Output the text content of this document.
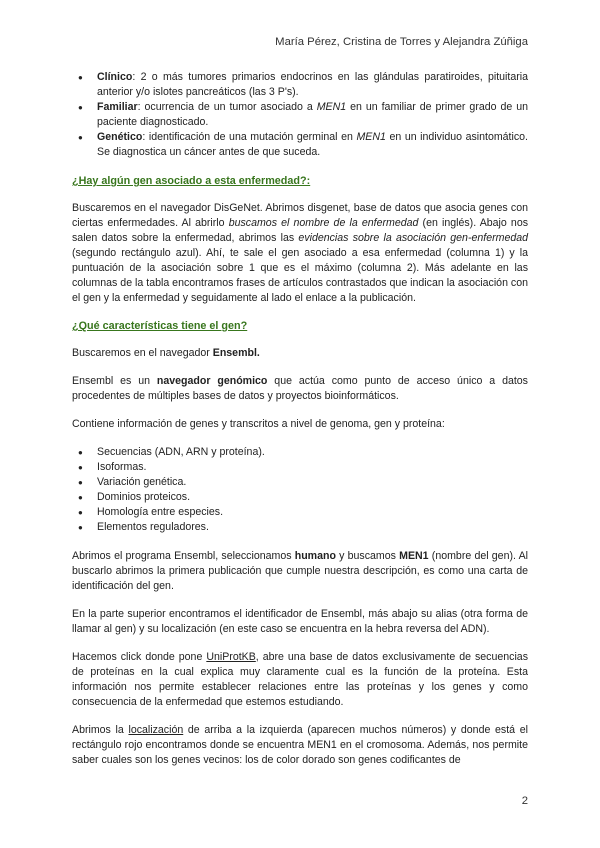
María Pérez, Cristina de Torres y Alejandra Zúñiga
● Clínico: 2 o más tumores primarios endocrinos en las glándulas paratiroides, pituitaria anterior y/o islotes pancreáticos (las 3 P's).
● Familiar: ocurrencia de un tumor asociado a MEN1 en un familiar de primer grado de un paciente diagnosticado.
● Genético: identificación de una mutación germinal en MEN1 en un individuo asintomático. Se diagnostica un cáncer antes de que suceda.
¿Hay algún gen asociado a esta enfermedad?:

Buscaremos en el navegador DisGeNet. Abrimos disgenet, base de datos que asocia genes con ciertas enfermedades. Al abrirlo buscamos el nombre de la enfermedad (en inglés). Abajo nos salen datos sobre la enfermedad, abrimos las evidencias sobre la asociación gen-enfermedad (segundo rectángulo azul). Ahí, te sale el gen asociado a esa enfermedad (columna 1) y la puntuación de la asociación sobre 1 que es el máximo (columna 2). Más adelante en las columnas de la tabla encontramos frases de artículos contrastados que indican la asociación con el gen y la enfermedad y seguidamente al lado el enlace a la publicación.

¿Qué características tiene el gen?

Buscaremos en el navegador Ensembl.

Ensembl es un navegador genómico que actúa como punto de acceso único a datos procedentes de múltiples bases de datos y proyectos bioinformáticos.

Contiene información de genes y transcritos a nivel de genoma, gen y proteína:

● Secuencias (ADN, ARN y proteína).
● Isoformas.
● Variación genética.
● Dominios proteicos.
● Homología entre especies.
● Elementos reguladores.

Abrimos el programa Ensembl, seleccionamos humano y buscamos MEN1 (nombre del gen). Al buscarlo abrimos la primera publicación que cumple nuestra descripción, es como una carta de identificación del gen.

En la parte superior encontramos el identificador de Ensembl, más abajo su alias (otra forma de llamar al gen) y su localización (en este caso se encuentra en la hebra reversa del ADN).

Hacemos click donde pone UniProtKB, abre una base de datos exclusivamente de secuencias de proteínas en la cual explica muy claramente cual es la función de la proteína. Esta información nos permite establecer relaciones entre las proteínas y los genes y como consecuencia de la enfermedad que estemos estudiando.

Abrimos la localización de arriba a la izquierda (aparecen muchos números) y donde está el rectángulo rojo encontramos donde se encuentra MEN1 en el cromosoma. Además, nos permite saber cuales son los genes vecinos: los de color dorado son genes codificantes de

2
